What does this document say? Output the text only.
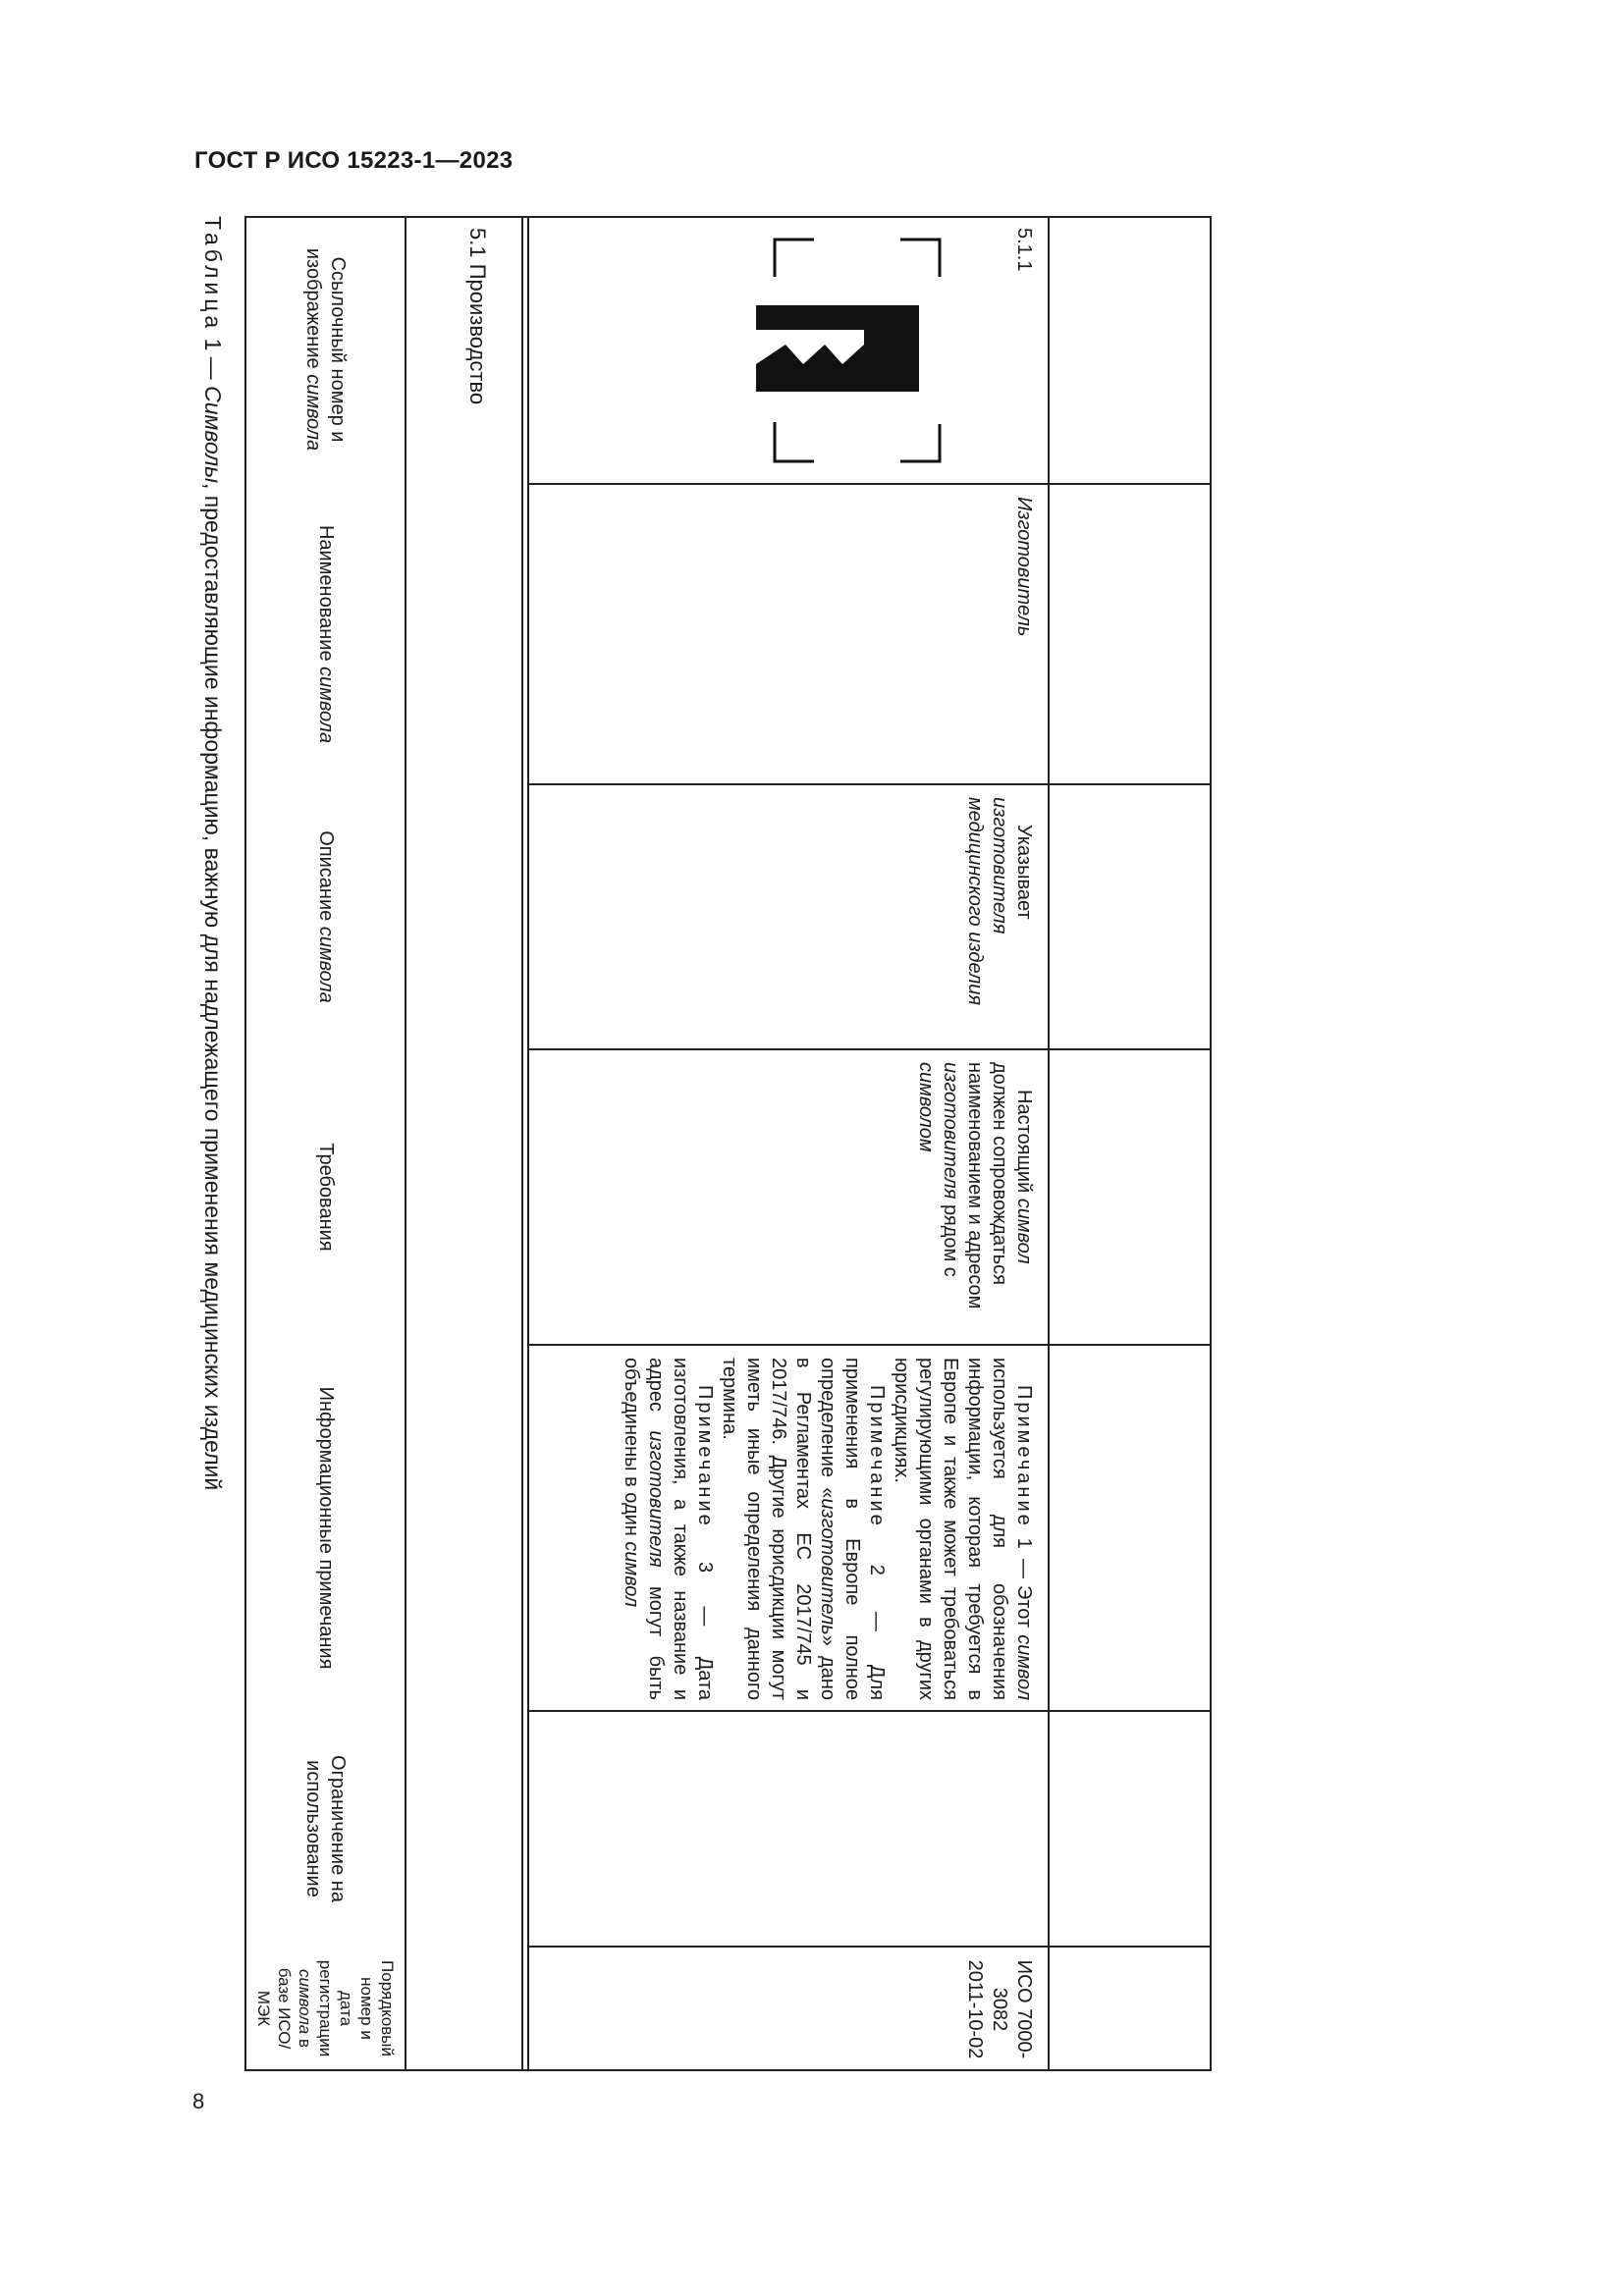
ГОСТ Р ИСО 15223-1—2023
8
Таблица 1 — Символы, предоставляющие информацию, важную для надлежащего применения медицинских изделий
5.1.1
Изготовитель
Указывает изготовителя медицинского изделия
Настоящий символ должен сопровождаться наименованием и адресом изготовителя рядом с символом
Примечание 1 — Этот символ используется для обозначения информации, которая требуется в Европе и также может требоваться регулирующими органами в других юрисдикциях.
Примечание 2 — Для применения в Европе полное определение «изготовитель» дано в Регламентах ЕС 2017/745 и 2017/746. Другие юрисдикции могут иметь иные определения данного термина.
Примечание 3 — Дата изготовления, а также название и адрес изготовителя могут быть объединены в один символ
ИСО 7000-3082
2011-10-02
5.1 Производство
Ссылочный номер и изображение символа
Наименование символа
Описание символа
Требования
Информационные примечания
Ограничение на использование
Порядковый номер и дата регистрации символа в базе ИСО/МЭК
